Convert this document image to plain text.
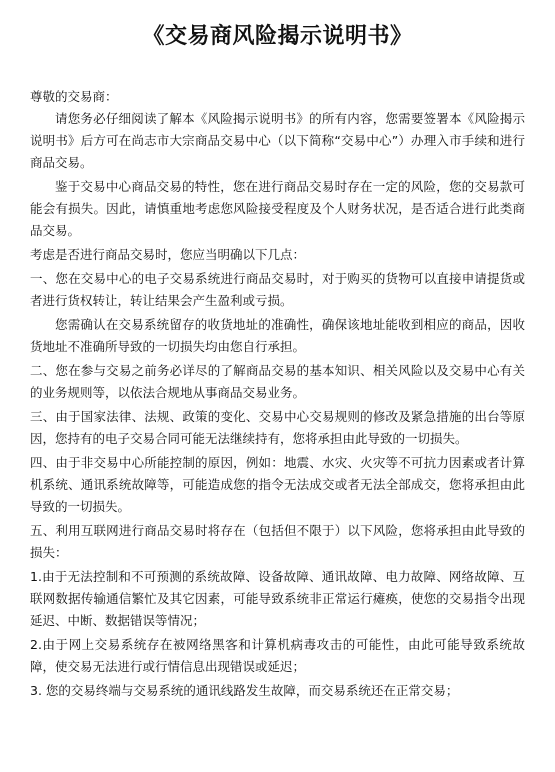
《交易商风险揭示说明书》

尊敬的交易商：

请您务必仔细阅读了解本《风险揭示说明书》的所有内容，您需要签署本《风险揭示说明书》后方可在尚志市大宗商品交易中心（以下简称“交易中心”）办理入市手续和进行商品交易。

鉴于交易中心商品交易的特性，您在进行商品交易时存在一定的风险，您的交易款可能会有损失。因此，请慎重地考虑您风险接受程度及个人财务状况，是否适合进行此类商品交易。

考虑是否进行商品交易时，您应当明确以下几点：

一、您在交易中心的电子交易系统进行商品交易时，对于购买的货物可以直接申请提货或者进行货权转让，转让结果会产生盈利或亏损。

您需确认在交易系统留存的收货地址的准确性，确保该地址能收到相应的商品，因收货地址不准确所导致的一切损失均由您自行承担。

二、您在参与交易之前务必详尽的了解商品交易的基本知识、相关风险以及交易中心有关的业务规则等，以依法合规地从事商品交易业务。

三、由于国家法律、法规、政策的变化、交易中心交易规则的修改及紧急措施的出台等原因，您持有的电子交易合同可能无法继续持有，您将承担由此导致的一切损失。

四、由于非交易中心所能控制的原因，例如：地震、水灾、火灾等不可抗力因素或者计算机系统、通讯系统故障等，可能造成您的指令无法成交或者无法全部成交，您将承担由此导致的一切损失。

五、利用互联网进行商品交易时将存在（包括但不限于）以下风险，您将承担由此导致的损失：

1.由于无法控制和不可预测的系统故障、设备故障、通讯故障、电力故障、网络故障、互联网数据传输通信繁忙及其它因素，可能导致系统非正常运行瘫痪，使您的交易指令出现延迟、中断、数据错误等情况；

2.由于网上交易系统存在被网络黑客和计算机病毒攻击的可能性，由此可能导致系统故障，使交易无法进行或行情信息出现错误或延迟；

3. 您的交易终端与交易系统的通讯线路发生故障，而交易系统还在正常交易；
